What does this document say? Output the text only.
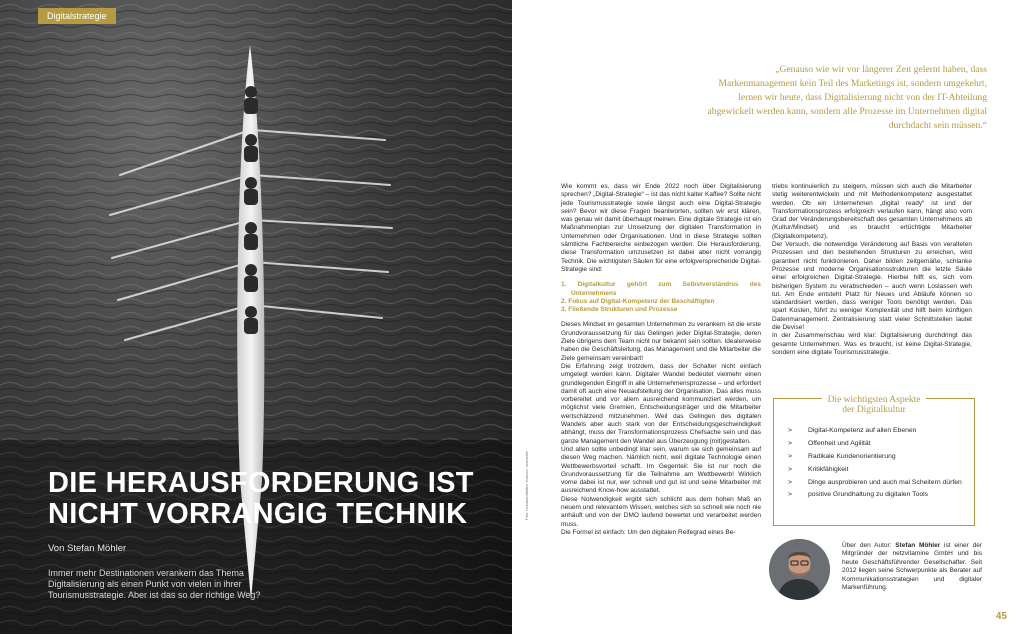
Digitalstrategie
DIE HERAUSFORDERUNG IST
NICHT VORRANGIG TECHNIK
Von Stefan Möhler
Immer mehr Destinationen verankern das Thema Digitalisierung als einen Punkt von vielen in ihrer Tourismusstrategie. Aber ist das so der richtige Weg?
„Genauso wie wir vor längerer Zeit gelernt haben, dass Markenmanagement kein Teil des Marketings ist, sondern umgekehrt, lernen wir heute, dass Digitalisierung nicht von der IT-Abteilung abgewickelt werden kann, sondern alle Prozesse im Unternehmen digital durchdacht sein müssen.“

Wie kommt es, dass wir Ende 2022 noch über Digitalisierung sprechen? „Digital-Strategie“ – ist das nicht kalter Kaffee? Sollte nicht jede Tourismusstrategie sowie längst auch eine Digital-Strategie sein? Bevor wir diese Fragen beantworten, sollten wir erst klären, was genau wir damit überhaupt meinen. Eine digitale Strategie ist ein Maßnahmenplan zur Umsetzung der digitalen Transformation in Unternehmen oder Organisationen. Und in diese Strategie sollten sämtliche Fachbereiche einbezogen werden. Die Herausforderung, diese Transformation umzusetzen ist dabei aber nicht vorrangig Technik. Die wichtigsten Säulen für eine erfolgversprechende Digital-Strategie sind:

1. Digitalkultur gehört zum Selbstverständnis des Unternehmens
2. Fokus auf Digital-Kompetenz der Beschäftigten
3. Fließende Strukturen und Prozesse

Dieses Mindset im gesamten Unternehmen zu verankern ist die erste Grundvoraussetzung für das Gelingen jeder Digital-Strategie, deren Ziele übrigens dem Team nicht nur bekannt sein sollten. Idealerweise haben die Geschäftsleitung, das Management und die Mitarbeiter die Ziele gemeinsam vereinbart!

Die Erfahrung zeigt trotzdem, dass der Schalter nicht einfach umgelegt werden kann. Digitaler Wandel bedeutet vielmehr einen grundlegenden Eingriff in alle Unternehmensprozesse – und erfordert damit oft auch eine Neuaufstellung der Organisation. Das alles muss vorbereitet und vor allem ausreichend kommuniziert werden, um möglichst viele Gremien, Entscheidungsträger und die Mitarbeiter wertschätzend mitzunehmen. Weil das Gelingen des digitalen Wandels aber auch stark von der Entscheidungsgeschwindigkeit abhängt, muss der Transformationsprozess Chefsache sein und das ganze Management den Wandel aus Überzeugung (mit)gestalten.

Und allen sollte unbedingt klar sein, warum sie sich gemeinsam auf diesen Weg machen. Nämlich nicht, weil digitale Technologie einen Wettbewerbsvorteil schafft. Im Gegenteil: Sie ist nur noch die Grundvoraussetzung für die Teilnahme am Wettbewerb! Wirklich vorne dabei ist nur, wer schnell und gut ist und seine Mitarbeiter mit ausreichend Know-how ausstattet.

Diese Notwendigkeit ergibt sich schlicht aus dem hohen Maß an neuem und relevantem Wissen, welches sich so schnell wie noch nie anhäuft und von der DMO laufend bewertet und verarbeitet werden muss.

Die Formel ist einfach: Um den digitalen Reifegrad eines Be-

triebs kontinuierlich zu steigern, müssen sich auch die Mitarbeiter stetig weiterentwickeln und mit Methodenkompetenz ausgestattet werden. Ob ein Unternehmen „digital ready“ ist und der Transformationsprozess erfolgreich verlaufen kann, hängt also vom Grad der Veränderungsbereitschaft des gesamten Unternehmens ab (Kultur/Mindset) und es braucht ertüchtigte Mitarbeiter (Digitalkompetenz).

Der Versuch, die notwendige Veränderung auf Basis von veralteten Prozessen und den bestehenden Strukturen zu erreichen, wird garantiert nicht funktionieren. Daher bilden zeitgemäße, schlanke Prozesse und moderne Organisationsstrukturen die letzte Säule einer erfolgreichen Digital-Strategie. Hierbei hilft es, sich vom bisherigen System zu verabschieden – auch wenn Loslassen weh tut. Am Ende entsteht Platz für Neues und Abläufe können so standardisiert werden, dass weniger Tools benötigt werden. Das spart Kosten, führt zu weniger Komplexität und hilft beim künftigen Datenmanagement. Zentralisierung statt vieler Schnittstellen lautet die Devise!

In der Zusammenschau wird klar: Digitalisierung durchdringt das gesamte Unternehmen. Was es braucht, ist keine Digital-Strategie, sondern eine digitale Tourismusstrategie.

Die wichtigsten Aspekte
der Digitalkultur
>	Digital-Kompetenz auf allen Ebenen
>	Offenheit und Agilität
>	Radikale Kundenorientierung
>	Kritikfähigkeit
>	Dinge ausprobieren und auch mal Scheitern dürfen
>	positive Grundhaltung zu digitalen Tools
Über den Autor: Stefan Möhler ist einer der Mitgründer der netzvitamine GmbH und bis heute Geschäftsführender Gesellschafter. Seit 2012 liegen seine Schwerpunkte als Berater auf Kommunikationsstrategien und digitaler Markenführung.
45
Foto: Unsplash/Matteo Vistocco, bearbeitet
